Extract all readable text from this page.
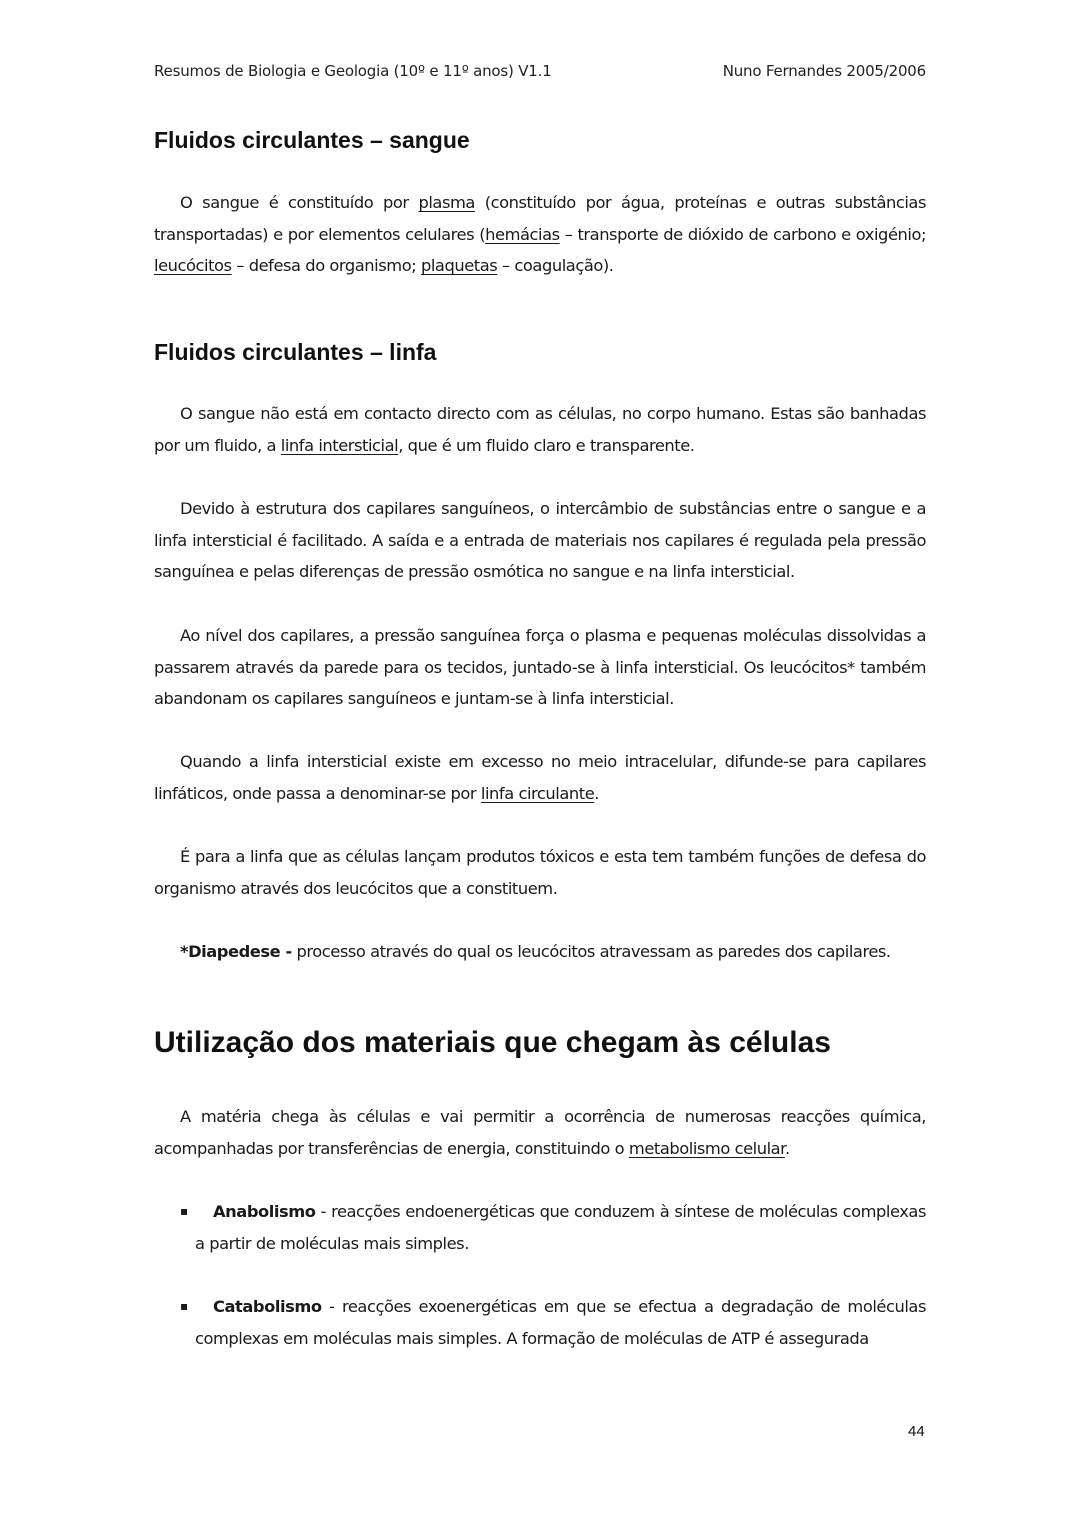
Resumos de Biologia e Geologia (10º e 11º anos) V1.1	Nuno Fernandes 2005/2006
Fluidos circulantes – sangue

O sangue é constituído por plasma (constituído por água, proteínas e outras substâncias transportadas) e por elementos celulares (hemácias – transporte de dióxido de carbono e oxigénio; leucócitos – defesa do organismo; plaquetas – coagulação).

Fluidos circulantes – linfa

O sangue não está em contacto directo com as células, no corpo humano. Estas são banhadas por um fluido, a linfa intersticial, que é um fluido claro e transparente.

Devido à estrutura dos capilares sanguíneos, o intercâmbio de substâncias entre o sangue e a linfa intersticial é facilitado. A saída e a entrada de materiais nos capilares é regulada pela pressão sanguínea e pelas diferenças de pressão osmótica no sangue e na linfa intersticial.

Ao nível dos capilares, a pressão sanguínea força o plasma e pequenas moléculas dissolvidas a passarem através da parede para os tecidos, juntado-se à linfa intersticial. Os leucócitos* também abandonam os capilares sanguíneos e juntam-se à linfa intersticial.

Quando a linfa intersticial existe em excesso no meio intracelular, difunde-se para capilares linfáticos, onde passa a denominar-se por linfa circulante.

É para a linfa que as células lançam produtos tóxicos e esta tem também funções de defesa do organismo através dos leucócitos que a constituem.

*Diapedese - processo através do qual os leucócitos atravessam as paredes dos capilares.

Utilização dos materiais que chegam às células

A matéria chega às células e vai permitir a ocorrência de numerosas reacções química, acompanhadas por transferências de energia, constituindo o metabolismo celular.

▪	Anabolismo - reacções endoenergéticas que conduzem à síntese de moléculas complexas a partir de moléculas mais simples.
▪	Catabolismo - reacções exoenergéticas em que se efectua a degradação de moléculas complexas em moléculas mais simples. A formação de moléculas de ATP é assegurada
44
